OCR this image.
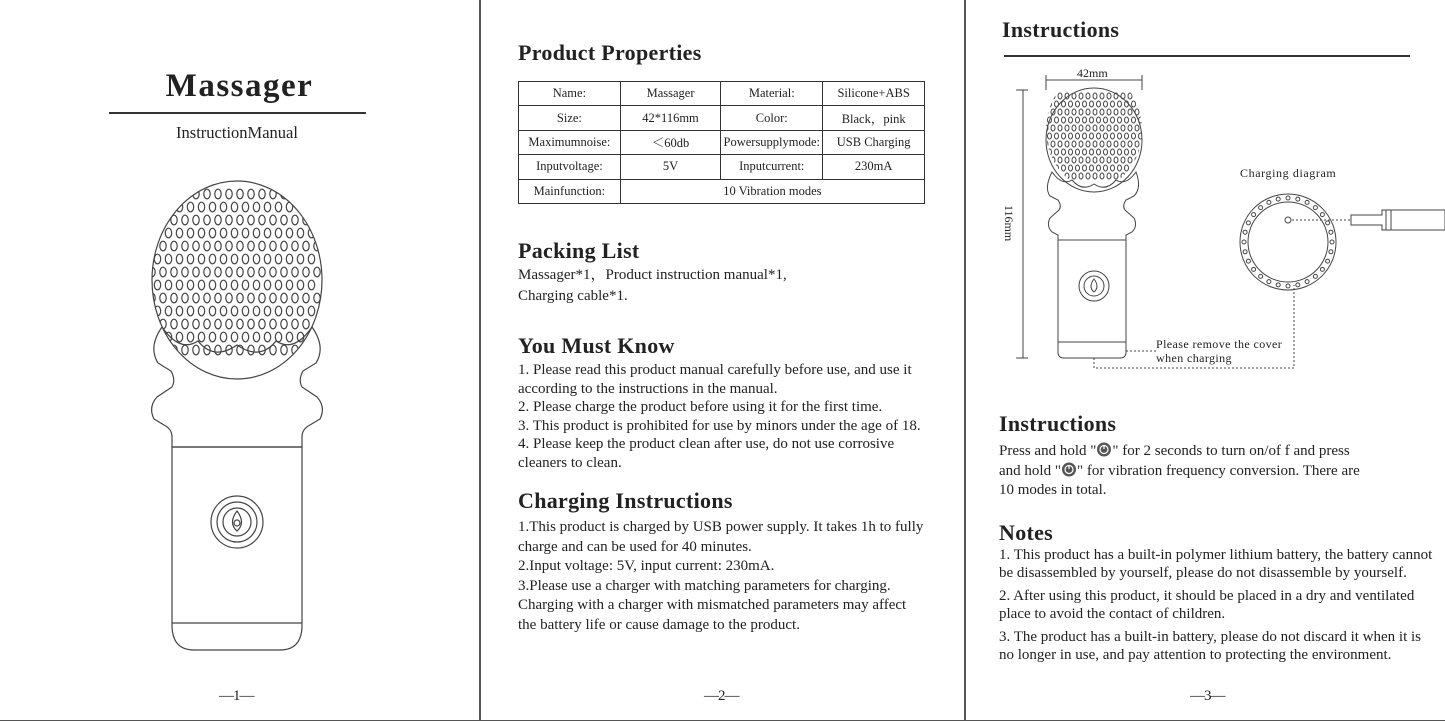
Massager
InstructionManual
—1—
Product Properties
Name:	Massager	Material:	Silicone+ABS
Size:	42*116mm	Color:	Black，pink
Maximumnoise:	＜60db	Powersupplymode:	USB Charging
Inputvoltage:	5V	Inputcurrent:	230mA
Mainfunction:	10 Vibration modes		
Packing List
Massager*1，Product instruction manual*1,
Charging cable*1.
You Must Know
1. Please read this product manual carefully before use, and use it
according to the instructions in the manual.
2. Please charge the product before using it for the first time.
3. This product is prohibited for use by minors under the age of 18.
4. Please keep the product clean after use, do not use corrosive
cleaners to clean.
Charging Instructions
1.This product is charged by USB power supply. It takes 1h to fully
charge and can be used for 40 minutes.
2.Input voltage: 5V, input current: 230mA.
3.Please use a charger with matching parameters for charging.
Charging with a charger with mismatched parameters may affect
the battery life or cause damage to the product.
—2—
Instructions
42mm
116mm
Charging diagram
Please remove the cover
when charging
Instructions
Press and hold " " for 2 seconds to turn on/of f and press
and hold " " for vibration frequency conversion. There are
10 modes in total.
Notes
1. This product has a built-in polymer lithium battery, the battery cannot
be disassembled by yourself, please do not disassemble by yourself.
2. After using this product, it should be placed in a dry and ventilated
place to avoid the contact of children.
3. The product has a built-in battery, please do not discard it when it is
no longer in use, and pay attention to protecting the environment.
—3—
